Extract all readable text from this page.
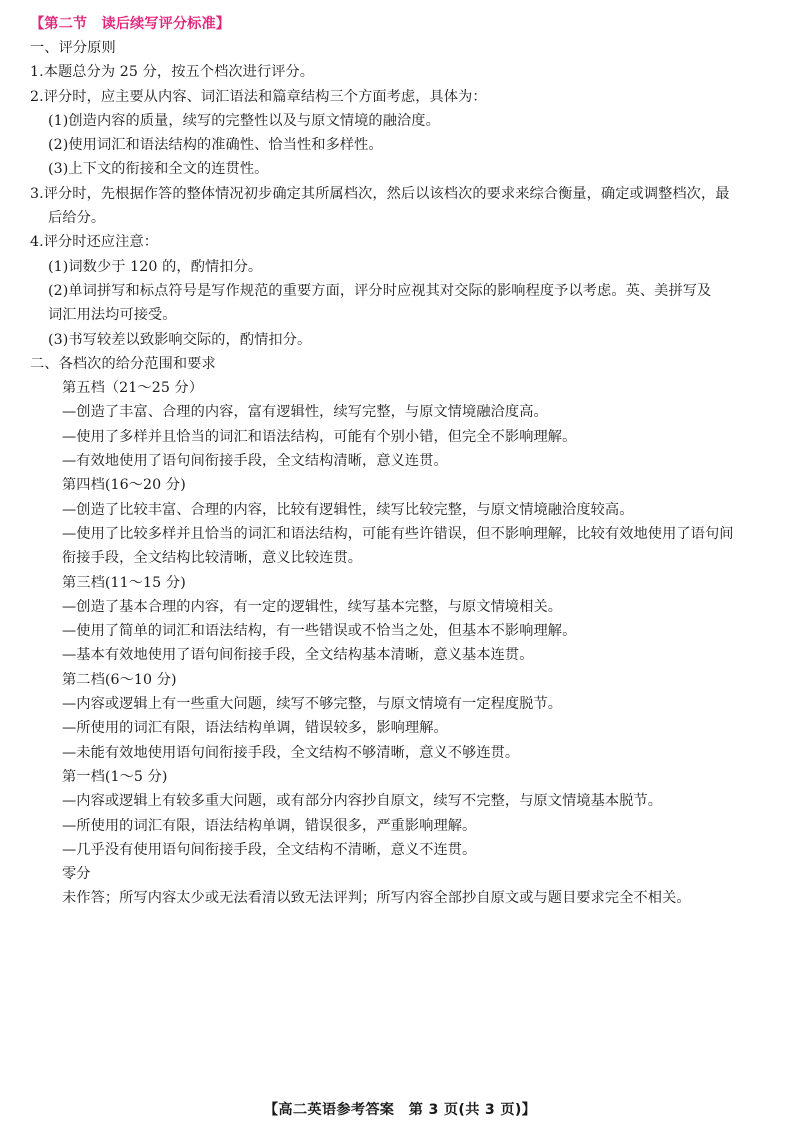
【第二节　读后续写评分标准】
一、评分原则
1.本题总分为 25 分，按五个档次进行评分。
2.评分时，应主要从内容、词汇语法和篇章结构三个方面考虑，具体为：
(1)创造内容的质量，续写的完整性以及与原文情境的融洽度。
(2)使用词汇和语法结构的准确性、恰当性和多样性。
(3)上下文的衔接和全文的连贯性。
3.评分时，先根据作答的整体情况初步确定其所属档次，然后以该档次的要求来综合衡量，确定或调整档次，最
后给分。
4.评分时还应注意：
(1)词数少于 120 的，酌情扣分。
(2)单词拼写和标点符号是写作规范的重要方面，评分时应视其对交际的影响程度予以考虑。英、美拼写及
词汇用法均可接受。
(3)书写较差以致影响交际的，酌情扣分。
二、各档次的给分范围和要求
第五档（21～25 分）
—创造了丰富、合理的内容，富有逻辑性，续写完整，与原文情境融洽度高。
—使用了多样并且恰当的词汇和语法结构，可能有个别小错，但完全不影响理解。
—有效地使用了语句间衔接手段，全文结构清晰，意义连贯。
第四档(16～20 分)
—创造了比较丰富、合理的内容，比较有逻辑性，续写比较完整，与原文情境融洽度较高。
—使用了比较多样并且恰当的词汇和语法结构，可能有些许错误，但不影响理解，比较有效地使用了语句间
衔接手段，全文结构比较清晰，意义比较连贯。
第三档(11～15 分)
—创造了基本合理的内容，有一定的逻辑性，续写基本完整，与原文情境相关。
—使用了简单的词汇和语法结构，有一些错误或不恰当之处，但基本不影响理解。
—基本有效地使用了语句间衔接手段，全文结构基本清晰，意义基本连贯。
第二档(6～10 分)
—内容或逻辑上有一些重大问题，续写不够完整，与原文情境有一定程度脱节。
—所使用的词汇有限，语法结构单调，错误较多，影响理解。
—未能有效地使用语句间衔接手段，全文结构不够清晰，意义不够连贯。
第一档(1～5 分)
—内容或逻辑上有较多重大问题，或有部分内容抄自原文，续写不完整，与原文情境基本脱节。
—所使用的词汇有限，语法结构单调，错误很多，严重影响理解。
—几乎没有使用语句间衔接手段，全文结构不清晰，意义不连贯。
零分
未作答；所写内容太少或无法看清以致无法评判；所写内容全部抄自原文或与题目要求完全不相关。
【高二英语参考答案　第 3 页(共 3 页)】
